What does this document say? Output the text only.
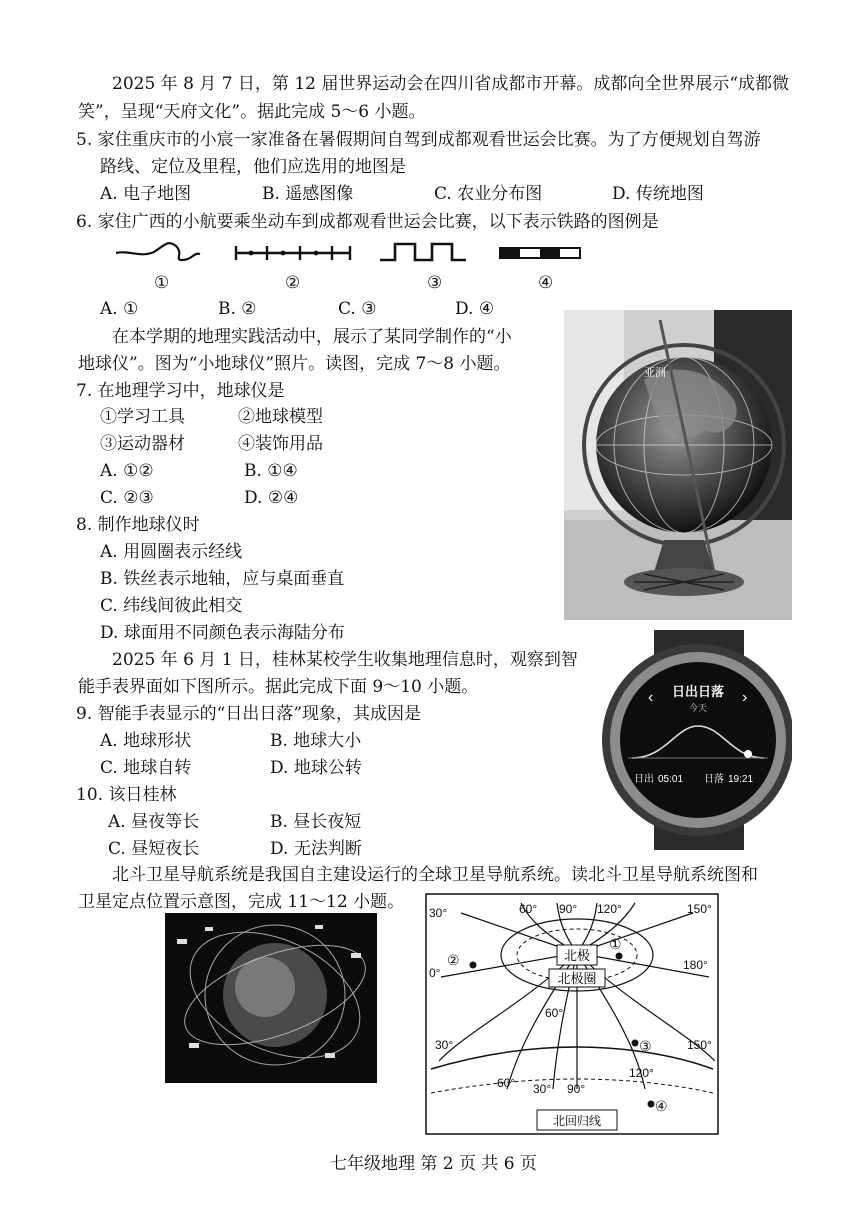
2025 年 8 月 7 日，第 12 届世界运动会在四川省成都市开幕。成都向全世界展示“成都微
笑”，呈现“天府文化”。据此完成 5～6 小题。
5. 家住重庆市的小宸一家准备在暑假期间自驾到成都观看世运会比赛。为了方便规划自驾游
路线、定位及里程，他们应选用的地图是
A. 电子地图	B. 遥感图像	C. 农业分布图	D. 传统地图
6. 家住广西的小航要乘坐动车到成都观看世运会比赛，以下表示铁路的图例是
①	②	③	④
A. ①	B. ②	C. ③	D. ④
在本学期的地理实践活动中，展示了某同学制作的“小
地球仪”。图为“小地球仪”照片。读图，完成 7～8 小题。	亚洲
7. 在地理学习中，地球仪是
①学习工具	②地球模型
③运动器材	④装饰用品
A. ①②	B. ①④
C. ②③	D. ②④
8. 制作地球仪时
A. 用圆圈表示经线
B. 铁丝表示地轴，应与桌面垂直
C. 纬线间彼此相交
D. 球面用不同颜色表示海陆分布
2025 年 6 月 1 日，桂林某校学生收集地理信息时，观察到智
能手表界面如下图所示。据此完成下面 9～10 小题。	日出日落
今天
‹	›
日出 05:01 日落 19:21
9. 智能手表显示的“日出日落”现象，其成因是
A. 地球形状	B. 地球大小
C. 地球自转	D. 地球公转
10. 该日桂林
A. 昼夜等长	B. 昼长夜短
C. 昼短夜长	D. 无法判断
北斗卫星导航系统是我国自主建设运行的全球卫星导航系统。读北斗卫星导航系统图和
卫星定点位置示意图，完成 11～12 小题。
北极
北极圈
北回归线
30°	60° 90° 120°	150°
0°
180°
60°
30°
60° 30° 90°
120°
150°
①
②
③
④
七年级地理 第 2 页 共 6 页
